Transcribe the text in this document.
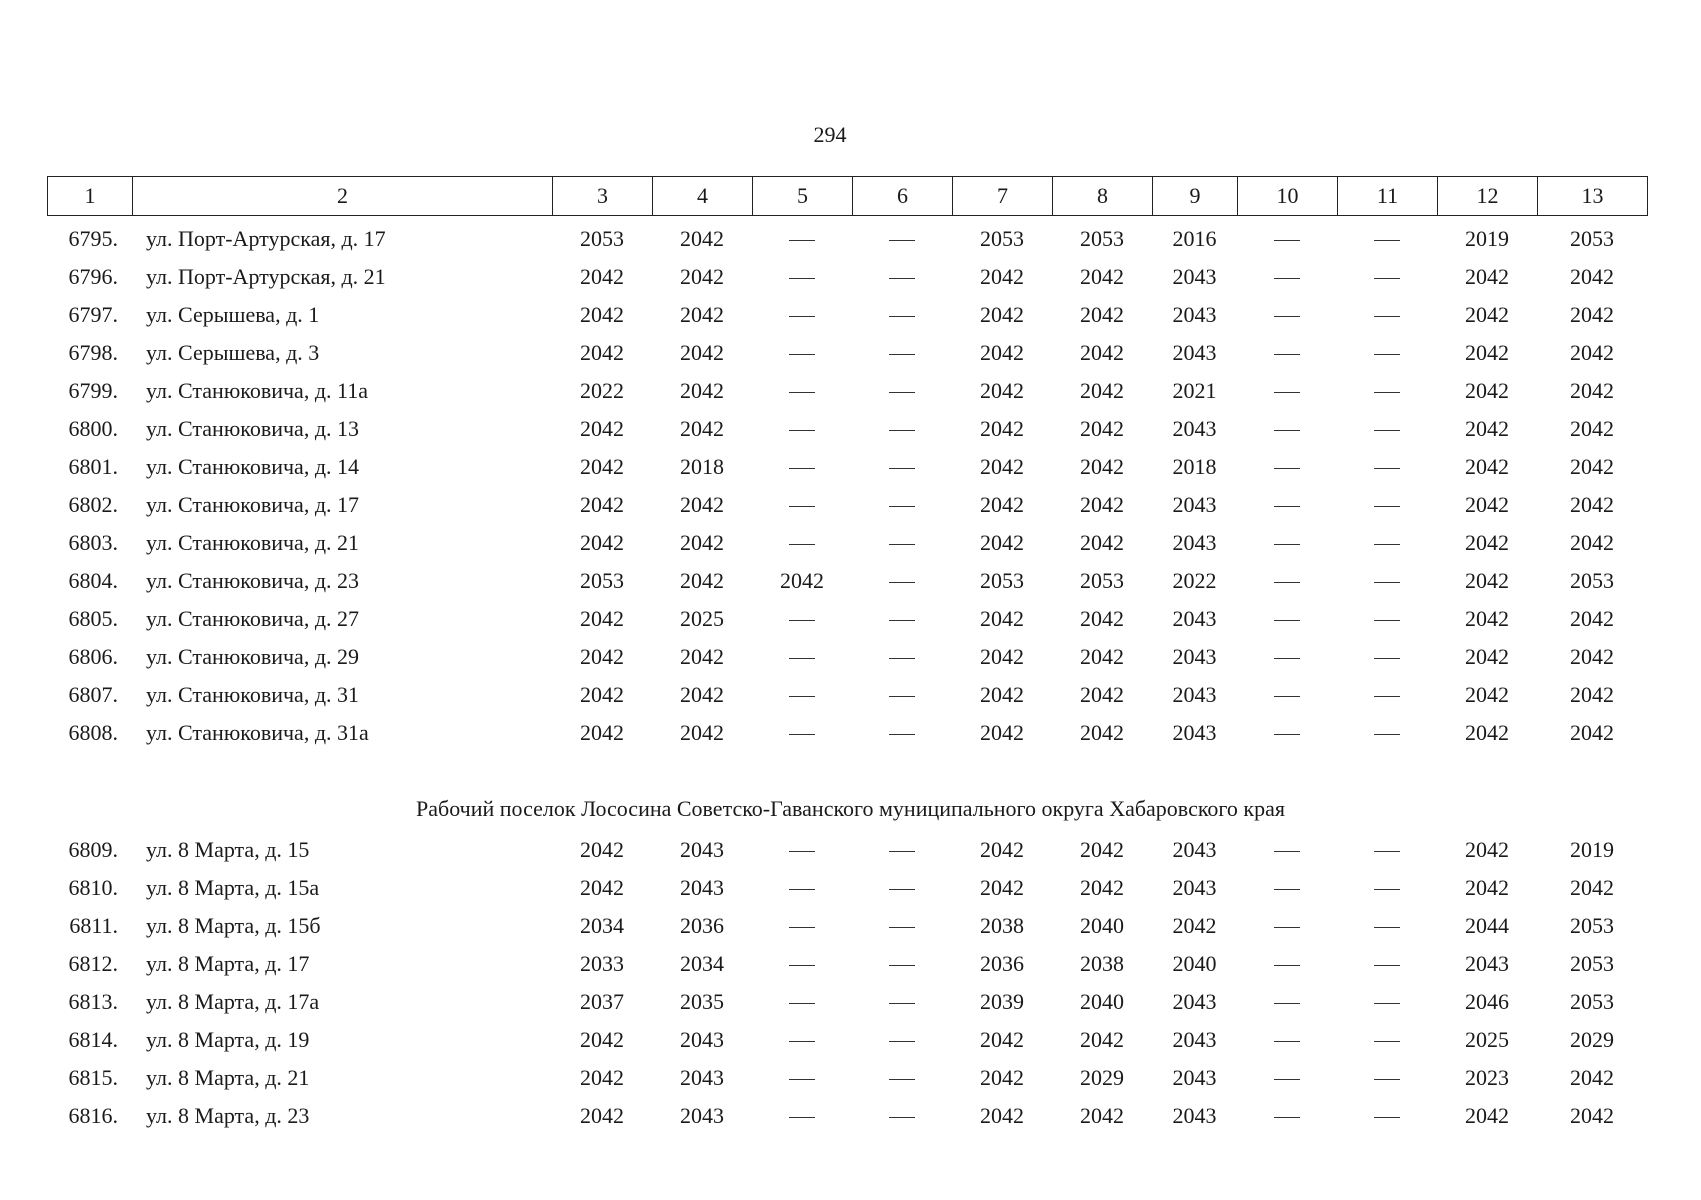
294
1	2	3	4	5	6	7	8	9	10	11	12	13
6795.	ул. Порт-Артурская, д. 17	2053	2042			2053	2053	2016			2019	2053
6796.	ул. Порт-Артурская, д. 21	2042	2042			2042	2042	2043			2042	2042
6797.	ул. Серышева, д. 1	2042	2042			2042	2042	2043			2042	2042
6798.	ул. Серышева, д. 3	2042	2042			2042	2042	2043			2042	2042
6799.	ул. Станюковича, д. 11а	2022	2042			2042	2042	2021			2042	2042
6800.	ул. Станюковича, д. 13	2042	2042			2042	2042	2043			2042	2042
6801.	ул. Станюковича, д. 14	2042	2018			2042	2042	2018			2042	2042
6802.	ул. Станюковича, д. 17	2042	2042			2042	2042	2043			2042	2042
6803.	ул. Станюковича, д. 21	2042	2042			2042	2042	2043			2042	2042
6804.	ул. Станюковича, д. 23	2053	2042	2042		2053	2053	2022			2042	2053
6805.	ул. Станюковича, д. 27	2042	2025			2042	2042	2043			2042	2042
6806.	ул. Станюковича, д. 29	2042	2042			2042	2042	2043			2042	2042
6807.	ул. Станюковича, д. 31	2042	2042			2042	2042	2043			2042	2042
6808.	ул. Станюковича, д. 31а	2042	2042			2042	2042	2043			2042	2042
Рабочий поселок Лососина Советско-Гаванского муниципального округа Хабаровского края
6809.	ул. 8 Марта, д. 15	2042	2043			2042	2042	2043			2042	2019
6810.	ул. 8 Марта, д. 15а	2042	2043			2042	2042	2043			2042	2042
6811.	ул. 8 Марта, д. 15б	2034	2036			2038	2040	2042			2044	2053
6812.	ул. 8 Марта, д. 17	2033	2034			2036	2038	2040			2043	2053
6813.	ул. 8 Марта, д. 17а	2037	2035			2039	2040	2043			2046	2053
6814.	ул. 8 Марта, д. 19	2042	2043			2042	2042	2043			2025	2029
6815.	ул. 8 Марта, д. 21	2042	2043			2042	2029	2043			2023	2042
6816.	ул. 8 Марта, д. 23	2042	2043			2042	2042	2043			2042	2042
